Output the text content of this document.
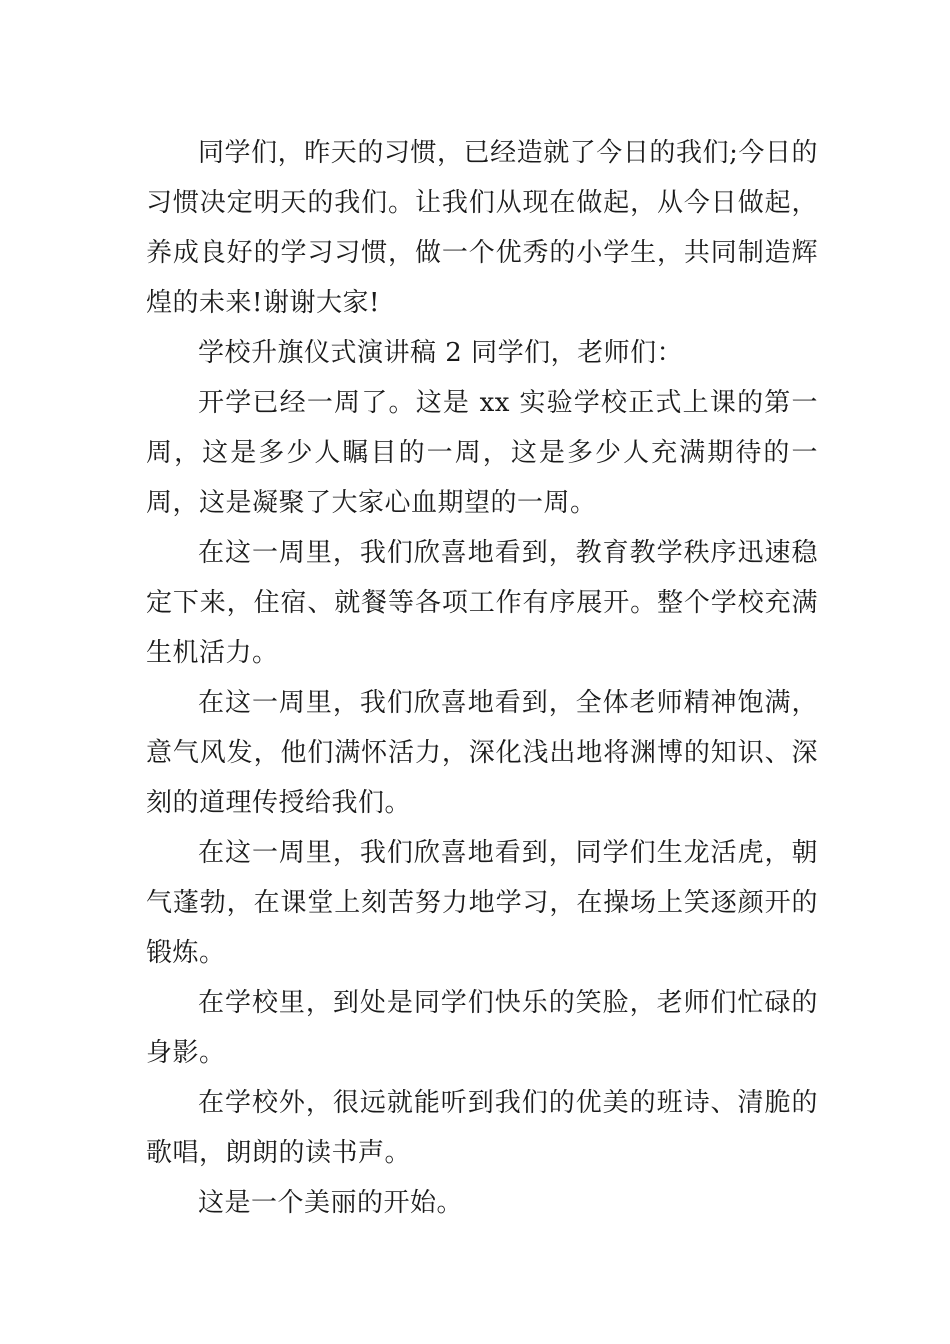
同学们，昨天的习惯，已经造就了今日的我们;今日的习惯决定明天的我们。让我们从现在做起，从今日做起，养成良好的学习习惯，做一个优秀的小学生，共同制造辉煌的未来!谢谢大家!

学校升旗仪式演讲稿 2 同学们，老师们：

开学已经一周了。这是 xx 实验学校正式上课的第一周，这是多少人瞩目的一周，这是多少人充满期待的一周，这是凝聚了大家心血期望的一周。

在这一周里，我们欣喜地看到，教育教学秩序迅速稳定下来，住宿、就餐等各项工作有序展开。整个学校充满生机活力。

在这一周里，我们欣喜地看到，全体老师精神饱满，意气风发，他们满怀活力，深化浅出地将渊博的知识、深刻的道理传授给我们。

在这一周里，我们欣喜地看到，同学们生龙活虎，朝气蓬勃，在课堂上刻苦努力地学习，在操场上笑逐颜开的锻炼。

在学校里，到处是同学们快乐的笑脸，老师们忙碌的身影。

在学校外，很远就能听到我们的优美的班诗、清脆的歌唱，朗朗的读书声。

这是一个美丽的开始。
